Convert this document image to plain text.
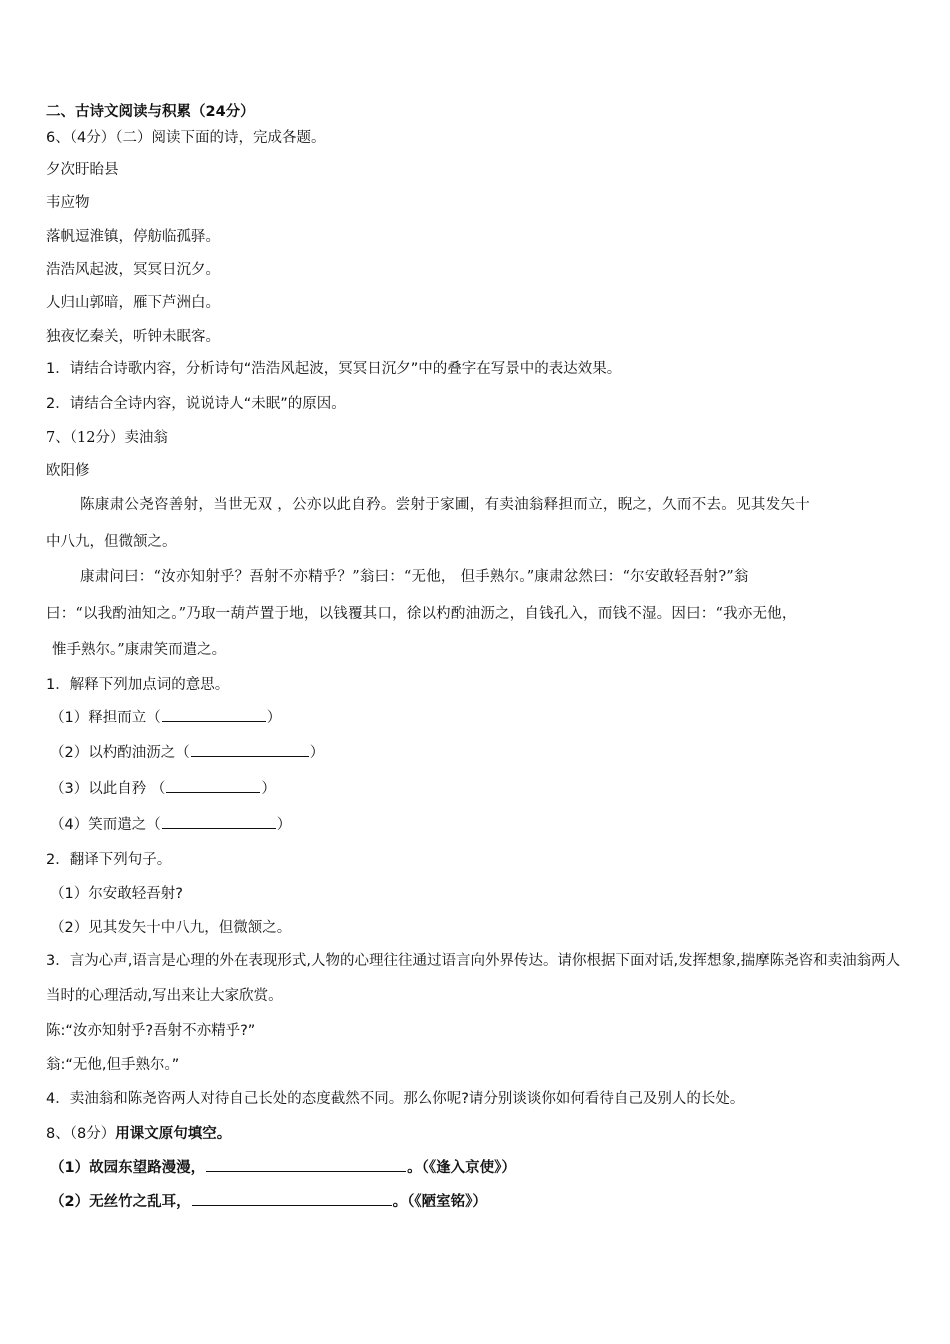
二、古诗文阅读与积累（24分）
6、（4分）（二）阅读下面的诗，完成各题。
夕次盱眙县
韦应物
落帆逗淮镇，停舫临孤驿。
浩浩风起波，冥冥日沉夕。
人归山郭暗，雁下芦洲白。
独夜忆秦关，听钟未眠客。
1．请结合诗歌内容，分析诗句“浩浩风起波，冥冥日沉夕”中的叠字在写景中的表达效果。
2．请结合全诗内容，说说诗人“未眠”的原因。
7、（12分）卖油翁
欧阳修
陈康肃公尧咨善射，当世无双 ，公亦以此自矜。尝射于家圃，有卖油翁释担而立，睨之，久而不去。见其发矢十
中八九，但微颔之。
康肃问曰：“汝亦知射乎？吾射不亦精乎？”翁曰：“无他， 但手熟尔。”康肃忿然曰：“尔安敢轻吾射?”翁
曰：“以我酌油知之。”乃取一葫芦置于地，以钱覆其口，徐以杓酌油沥之，自钱孔入，而钱不湿。因曰：“我亦无他，
惟手熟尔。”康肃笑而遣之。
1．解释下列加点词的意思。
（1）释担而立（	）
（2）以杓酌油沥之（	）
（3）以此自矜 （	）
（4）笑而遣之（	）
2．翻译下列句子。
（1）尔安敢轻吾射?
（2）见其发矢十中八九，但微颔之。
3．言为心声,语言是心理的外在表现形式,人物的心理往往通过语言向外界传达。请你根据下面对话,发挥想象,揣摩陈尧咨和卖油翁两人当时的心理活动,写出来让大家欣赏。
陈:“汝亦知射乎?吾射不亦精乎?”
翁:“无他,但手熟尔。”
4．卖油翁和陈尧咨两人对待自己长处的态度截然不同。那么你呢?请分别谈谈你如何看待自己及别人的长处。
8、（8分）用课文原句填空。
（1）故园东望路漫漫，	。（《逢入京使》）
（2）无丝竹之乱耳，	。（《陋室铭》）
